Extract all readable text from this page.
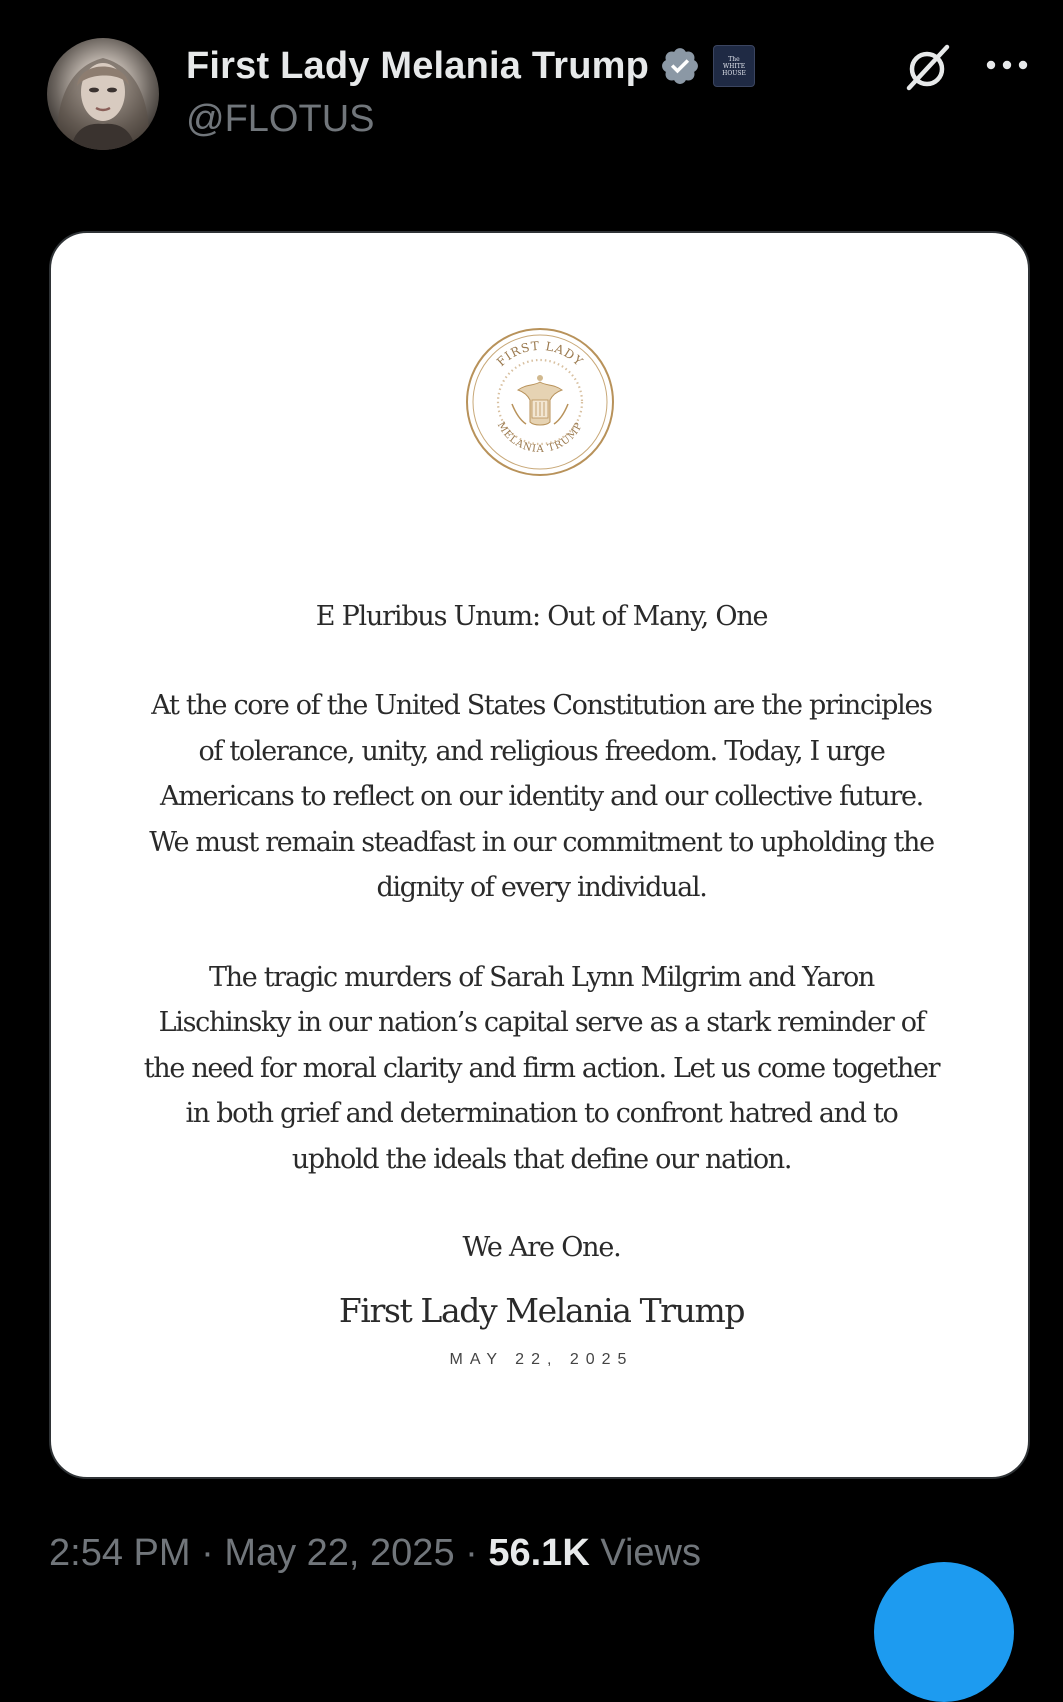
First Lady Melania Trump	The
WHITE
HOUSE
@FLOTUS
FIRST LADY
MELANIA TRUMP

E Pluribus Unum: Out of Many, One

At the core of the United States Constitution are the principles of tolerance, unity, and religious freedom. Today, I urge Americans to reflect on our identity and our collective future. We must remain steadfast in our commitment to upholding the dignity of every individual.

The tragic murders of Sarah Lynn Milgrim and Yaron Lischinsky in our nation’s capital serve as a stark reminder of the need for moral clarity and firm action. Let us come together in both grief and determination to confront hatred and to uphold the ideals that define our nation.

We Are One.

First Lady Melania Trump
MAY 22, 2025
2:54 PM · May 22, 2025 · 56.1K Views
